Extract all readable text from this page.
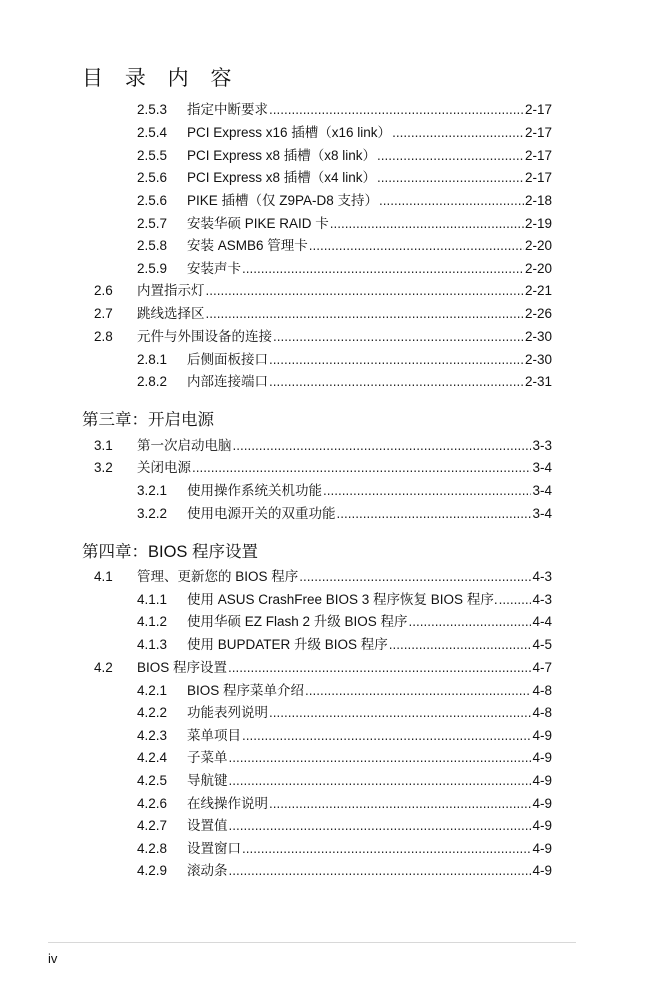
目 录 内 容
2.5.3 指定中断要求 .....	2-17
2.5.4 PCI Express x16 插槽（x16 link） .....	2-17
2.5.5 PCI Express x8 插槽（x8 link） .....	2-17
2.5.6 PCI Express x8 插槽（x4 link） .....	2-17
2.5.6 PIKE 插槽（仅 Z9PA-D8 支持） .....	2-18
2.5.7 安装华硕 PIKE RAID 卡 .....	2-19
2.5.8 安装 ASMB6 管理卡 .....	2-20
2.5.9 安装声卡 .....	2-20
2.6 内置指示灯 .....	2-21
2.7 跳线选择区 .....	2-26
2.8 元件与外围设备的连接 .....	2-30
2.8.1 后侧面板接口 .....	2-30
2.8.2 内部连接端口 .....	2-31
第三章：开启电源
3.1 第一次启动电脑 .....	3-3
3.2 关闭电源 .....	3-4
3.2.1 使用操作系统关机功能 .....	3-4
3.2.2 使用电源开关的双重功能 .....	3-4
第四章：BIOS 程序设置
4.1 管理、更新您的 BIOS 程序 .....	4-3
4.1.1 使用 ASUS CrashFree BIOS 3 程序恢复 BIOS 程序. .....	4-3
4.1.2 使用华硕 EZ Flash 2 升级 BIOS 程序 .....	4-4
4.1.3 使用 BUPDATER 升级 BIOS 程序 .....	4-5
4.2 BIOS 程序设置 .....	4-7
4.2.1 BIOS 程序菜单介绍 .....	4-8
4.2.2 功能表列说明 .....	4-8
4.2.3 菜单项目 .....	4-9
4.2.4 子菜单 .....	4-9
4.2.5 导航键 .....	4-9
4.2.6 在线操作说明 .....	4-9
4.2.7 设置值 .....	4-9
4.2.8 设置窗口 .....	4-9
4.2.9 滚动条 .....	4-9
iv
